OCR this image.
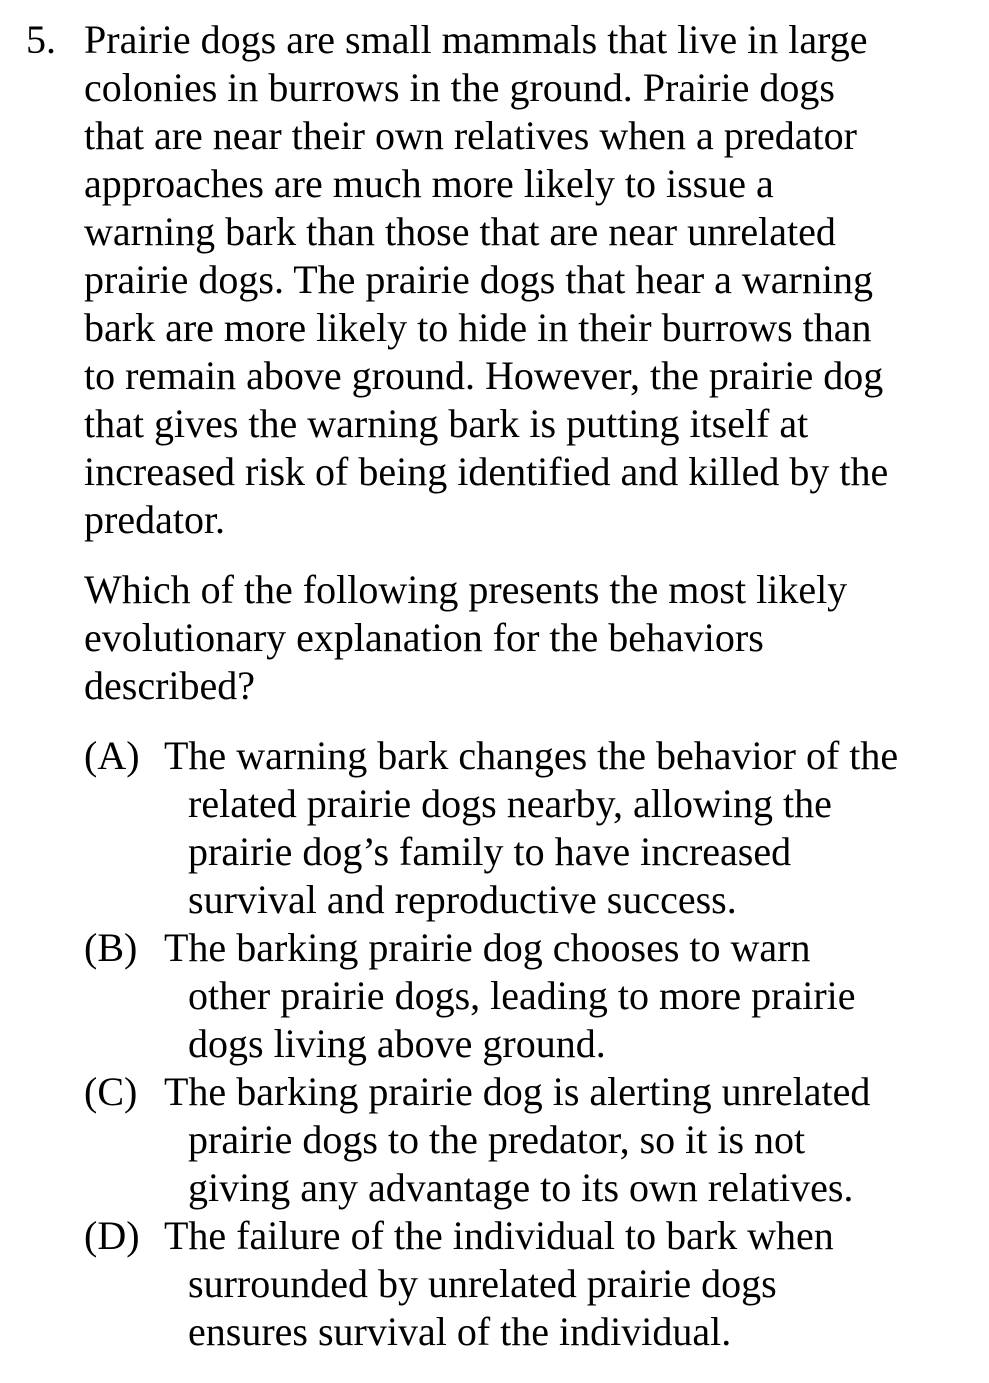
5. Prairie dogs are small mammals that live in large
colonies in burrows in the ground. Prairie dogs
that are near their own relatives when a predator
approaches are much more likely to issue a
warning bark than those that are near unrelated
prairie dogs. The prairie dogs that hear a warning
bark are more likely to hide in their burrows than
to remain above ground. However, the prairie dog
that gives the warning bark is putting itself at
increased risk of being identified and killed by the
predator.
Which of the following presents the most likely
evolutionary explanation for the behaviors
described?
(A) The warning bark changes the behavior of the
related prairie dogs nearby, allowing the
prairie dog’s family to have increased
survival and reproductive success.
(B) The barking prairie dog chooses to warn
other prairie dogs, leading to more prairie
dogs living above ground.
(C) The barking prairie dog is alerting unrelated
prairie dogs to the predator, so it is not
giving any advantage to its own relatives.
(D) The failure of the individual to bark when
surrounded by unrelated prairie dogs
ensures survival of the individual.
